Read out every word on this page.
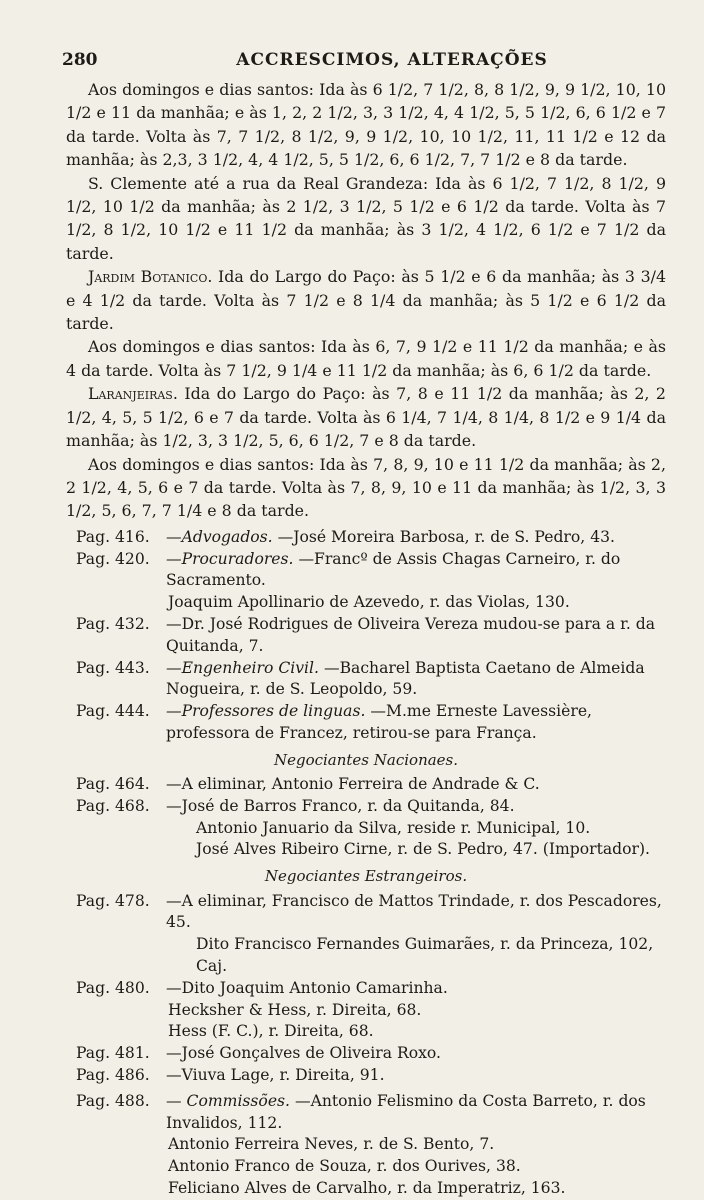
280	ACCRESCIMOS, ALTERAÇÕES

Aos domingos e dias santos: Ida às 6 1/2, 7 1/2, 8, 8 1/2, 9, 9 1/2, 10, 10 1/2 e 11 da manhãa; e às 1, 2, 2 1/2, 3, 3 1/2, 4, 4 1/2, 5, 5 1/2, 6, 6 1/2 e 7 da tarde. Volta às 7, 7 1/2, 8 1/2, 9, 9 1/2, 10, 10 1/2, 11, 11 1/2 e 12 da manhãa; às 2,3, 3 1/2, 4, 4 1/2, 5, 5 1/2, 6, 6 1/2, 7, 7 1/2 e 8 da tarde.

S. Clemente até a rua da Real Grandeza: Ida às 6 1/2, 7 1/2, 8 1/2, 9 1/2, 10 1/2 da manhãa; às 2 1/2, 3 1/2, 5 1/2 e 6 1/2 da tarde. Volta às 7 1/2, 8 1/2, 10 1/2 e 11 1/2 da manhãa; às 3 1/2, 4 1/2, 6 1/2 e 7 1/2 da tarde.

Jardim Botanico. Ida do Largo do Paço: às 5 1/2 e 6 da manhãa; às 3 3/4 e 4 1/2 da tarde. Volta às 7 1/2 e 8 1/4 da manhãa; às 5 1/2 e 6 1/2 da tarde.

Aos domingos e dias santos: Ida às 6, 7, 9 1/2 e 11 1/2 da manhãa; e às 4 da tarde. Volta às 7 1/2, 9 1/4 e 11 1/2 da manhãa; às 6, 6 1/2 da tarde.

Laranjeiras. Ida do Largo do Paço: às 7, 8 e 11 1/2 da manhãa; às 2, 2 1/2, 4, 5, 5 1/2, 6 e 7 da tarde. Volta às 6 1/4, 7 1/4, 8 1/4, 8 1/2 e 9 1/4 da manhãa; às 1/2, 3, 3 1/2, 5, 6, 6 1/2, 7 e 8 da tarde.

Aos domingos e dias santos: Ida às 7, 8, 9, 10 e 11 1/2 da manhãa; às 2, 2 1/2, 4, 5, 6 e 7 da tarde. Volta às 7, 8, 9, 10 e 11 da manhãa; às 1/2, 3, 3 1/2, 5, 6, 7, 7 1/4 e 8 da tarde.

Pag. 416. —Advogados. —José Moreira Barbosa, r. de S. Pedro, 43.
Pag. 420. —Procuradores. —Francº de Assis Chagas Carneiro, r. do Sacramento.
Joaquim Apollinario de Azevedo, r. das Violas, 130.
Pag. 432. —Dr. José Rodrigues de Oliveira Vereza mudou-se para a r. da Quitanda, 7.
Pag. 443. —Engenheiro Civil. —Bacharel Baptista Caetano de Almeida Nogueira, r. de S. Leopoldo, 59.
Pag. 444. —Professores de linguas. —M.me Erneste Lavessière, professora de Francez, retirou-se para França.

Negociantes Nacionaes.

Pag. 464. —A eliminar, Antonio Ferreira de Andrade & C.
Pag. 468. —José de Barros Franco, r. da Quitanda, 84.
Antonio Januario da Silva, reside r. Municipal, 10.
José Alves Ribeiro Cirne, r. de S. Pedro, 47. (Importador).

Negociantes Estrangeiros.

Pag. 478. —A eliminar, Francisco de Mattos Trindade, r. dos Pescadores, 45.
Dito Francisco Fernandes Guimarães, r. da Princeza, 102, Caj.
Pag. 480. —Dito Joaquim Antonio Camarinha.
Hecksher & Hess, r. Direita, 68.
Hess (F. C.), r. Direita, 68.
Pag. 481. —José Gonçalves de Oliveira Roxo.
Pag. 486. —Viuva Lage, r. Direita, 91.
Pag. 488. — Commissões. —Antonio Felismino da Costa Barreto, r. dos Invalidos, 112.
Antonio Ferreira Neves, r. de S. Bento, 7.
Antonio Franco de Souza, r. dos Ourives, 38.
Feliciano Alves de Carvalho, r. da Imperatriz, 163.
